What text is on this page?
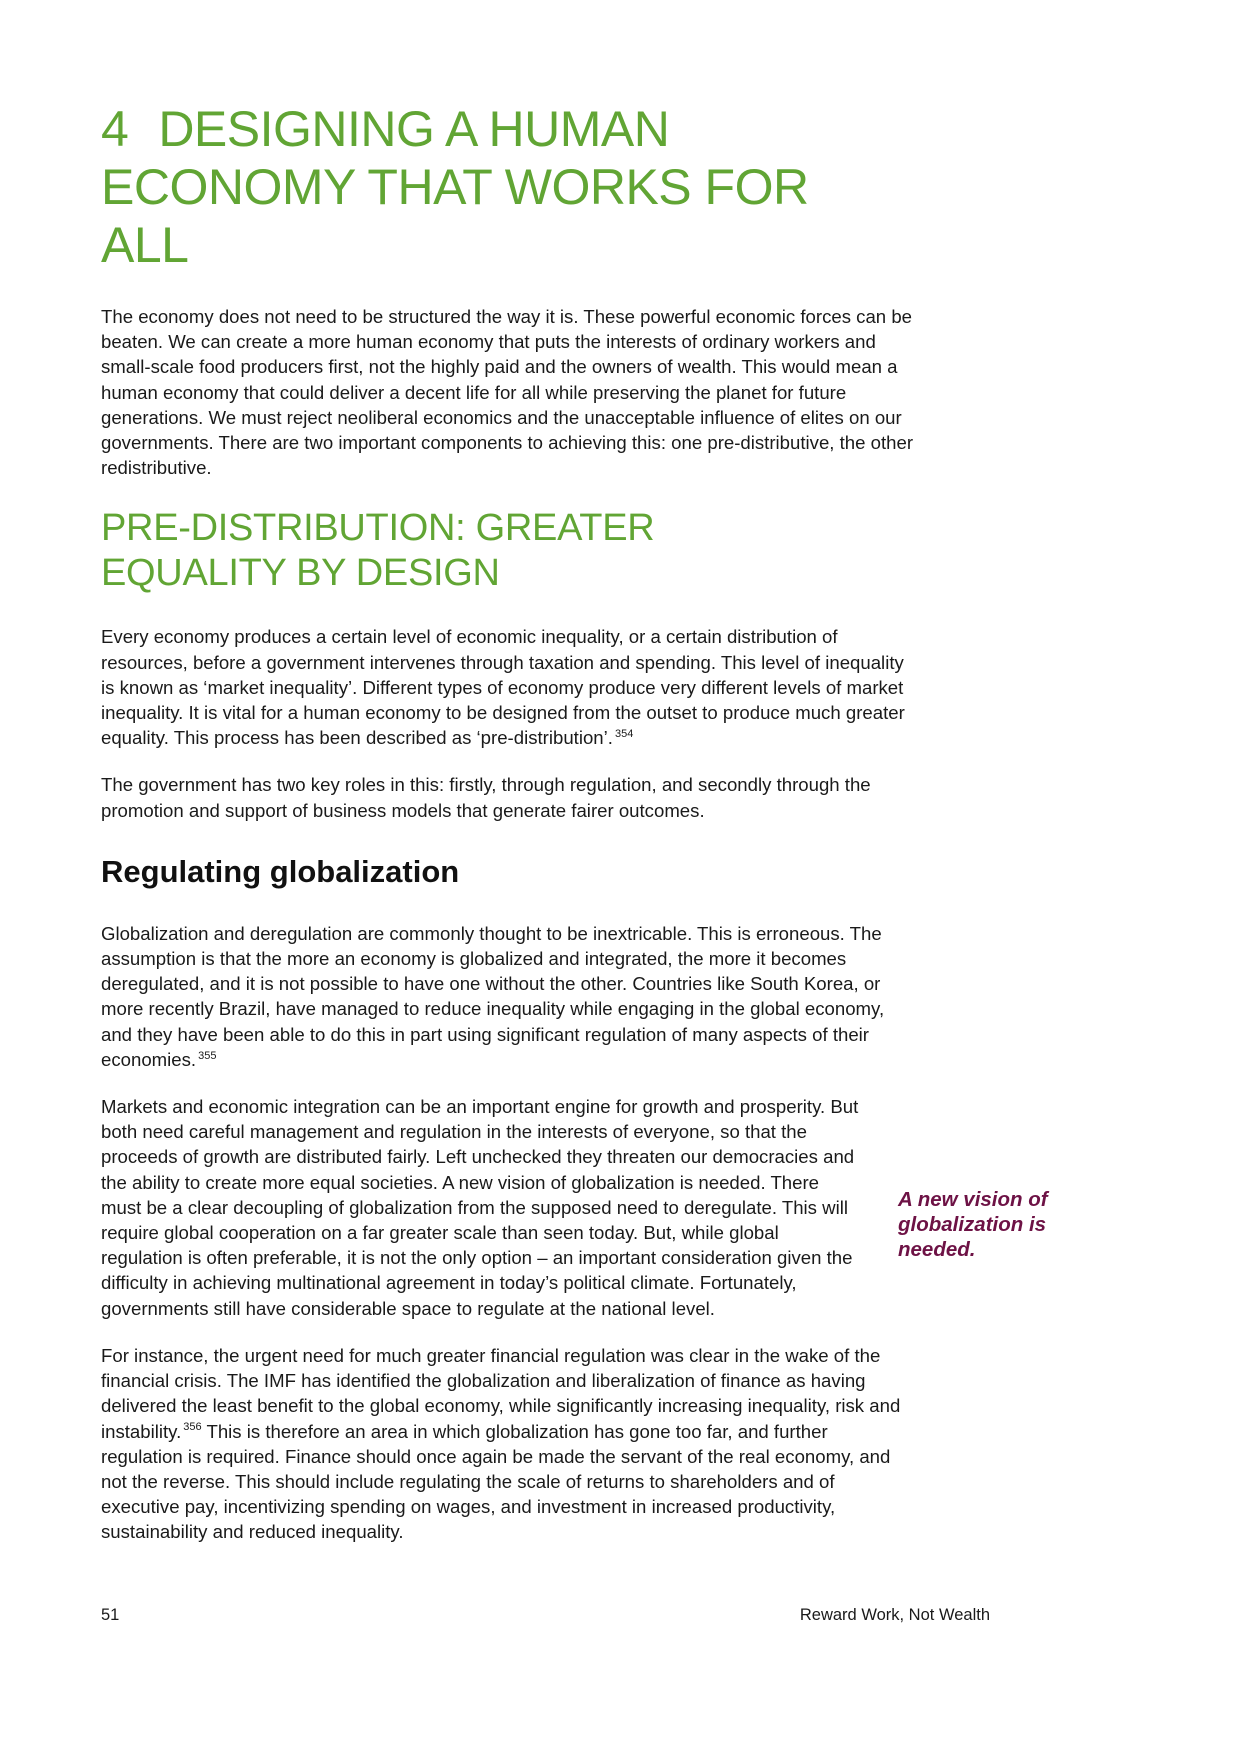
4 DESIGNING A HUMAN ECONOMY THAT WORKS FOR ALL

The economy does not need to be structured the way it is. These powerful economic forces can be beaten. We can create a more human economy that puts the interests of ordinary workers and small-scale food producers first, not the highly paid and the owners of wealth. This would mean a human economy that could deliver a decent life for all while preserving the planet for future generations. We must reject neoliberal economics and the unacceptable influence of elites on our governments. There are two important components to achieving this: one pre-distributive, the other redistributive.

PRE-DISTRIBUTION: GREATER EQUALITY BY DESIGN

Every economy produces a certain level of economic inequality, or a certain distribution of resources, before a government intervenes through taxation and spending. This level of inequality is known as ‘market inequality’. Different types of economy produce very different levels of market inequality. It is vital for a human economy to be designed from the outset to produce much greater equality. This process has been described as ‘pre-distribution’. $^{354}$

The government has two key roles in this: firstly, through regulation, and secondly through the promotion and support of business models that generate fairer outcomes.

Regulating globalization

Globalization and deregulation are commonly thought to be inextricable. This is erroneous. The assumption is that the more an economy is globalized and integrated, the more it becomes deregulated, and it is not possible to have one without the other. Countries like South Korea, or more recently Brazil, have managed to reduce inequality while engaging in the global economy, and they have been able to do this in part using significant regulation of many aspects of their economies. $^{355}$

Markets and economic integration can be an important engine for growth and prosperity. But both need careful management and regulation in the interests of everyone, so that the proceeds of growth are distributed fairly. Left unchecked they threaten our democracies and the ability to create more equal societies. A new vision of globalization is needed. There must be a clear decoupling of globalization from the supposed need to deregulate. This will require global cooperation on a far greater scale than seen today. But, while global regulation is often preferable, it is not the only option – an important consideration given the difficulty in achieving multinational agreement in today’s political climate. Fortunately, governments still have considerable space to regulate at the national level.

For instance, the urgent need for much greater financial regulation was clear in the wake of the financial crisis. The IMF has identified the globalization and liberalization of finance as having delivered the least benefit to the global economy, while significantly increasing inequality, risk and instability. $^{356}$ This is therefore an area in which globalization has gone too far, and further regulation is required. Finance should once again be made the servant of the real economy, and not the reverse. This should include regulating the scale of returns to shareholders and of executive pay, incentivizing spending on wages, and investment in increased productivity, sustainability and reduced inequality.

A new vision of globalization is needed.

51	Reward Work, Not Wealth
